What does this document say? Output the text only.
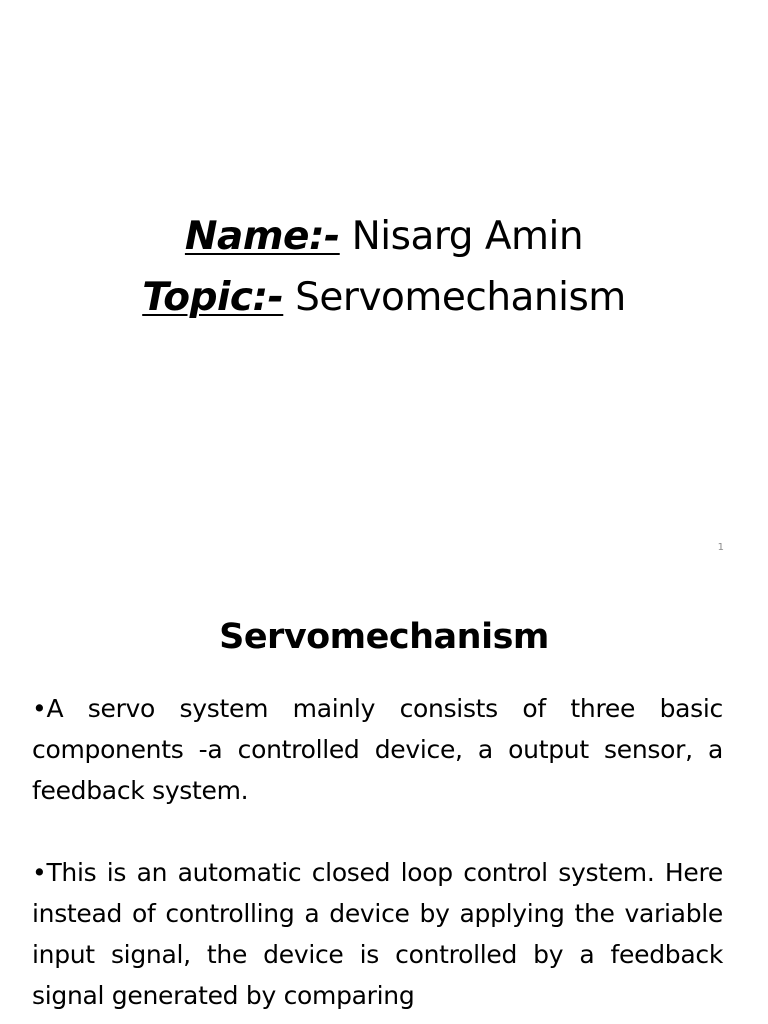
Name:- Nisarg Amin
Topic:- Servomechanism
1
Servomechanism

•A servo system mainly consists of three basic components -a controlled device, a output sensor, a feedback system.

•This is an automatic closed loop control system. Here instead of controlling a device by applying the variable input signal, the device is controlled by a feedback signal generated by comparing
